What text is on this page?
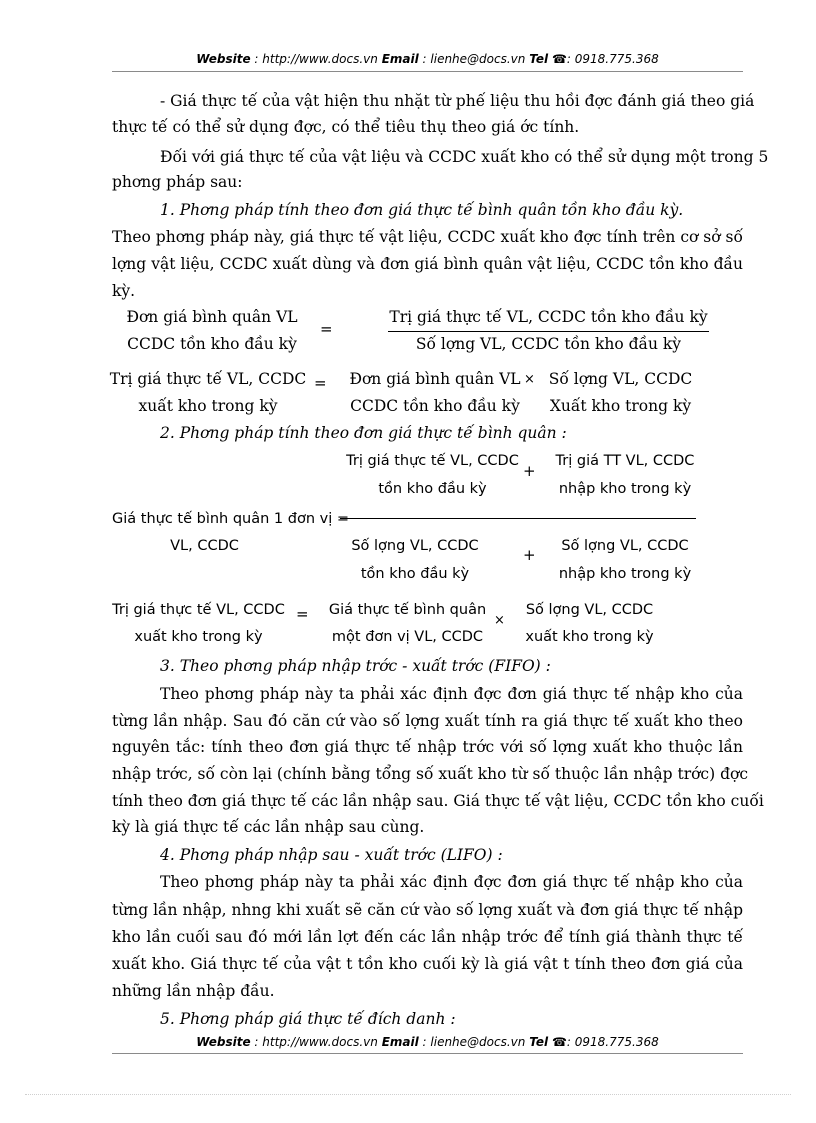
Website : http://www.docs.vn Email : lienhe@docs.vn Tel ☎: 0918.775.368
- Giá thực tế của vật hiện thu nhặt từ phế liệu thu hồi đợc đánh giá theo giá
thực tế có thể sử dụng đợc, có thể tiêu thụ theo giá ớc tính.
Đối với giá thực tế của vật liệu và CCDC xuất kho có thể sử dụng một trong 5
phơng pháp sau:
1. Phơng pháp tính theo đơn giá thực tế bình quân tồn kho đầu kỳ.
Theo phơng pháp này, giá thực tế vật liệu, CCDC xuất kho đợc tính trên cơ sở số
lợng vật liệu, CCDC xuất dùng và đơn giá bình quân vật liệu, CCDC tồn kho đầu
kỳ.
Đơn giá bình quân VL
CCDC tồn kho đầu kỳ
=
Trị giá thực tế VL, CCDC tồn kho đầu kỳ
Số lợng VL, CCDC tồn kho đầu kỳ
Trị giá thực tế VL, CCDC
xuất kho trong kỳ
=	Đơn giá bình quân VL
CCDC tồn kho đầu kỳ
× Số lợng VL, CCDC
Xuất kho trong kỳ
2. Phơng pháp tính theo đơn giá thực tế bình quân :
Trị giá thực tế VL, CCDC
tồn kho đầu kỳ
+
Trị giá TT VL, CCDC
nhập kho trong kỳ
Giá thực tế bình quân 1 đơn vị =
VL, CCDC	Số lợng VL, CCDC
tồn kho đầu kỳ
+	Số lợng VL, CCDC
nhập kho trong kỳ
Trị giá thực tế VL, CCDC
xuất kho trong kỳ
= Giá thực tế bình quân
một đơn vị VL, CCDC
×
Số lợng VL, CCDC
xuất kho trong kỳ
3. Theo phơng pháp nhập trớc - xuất trớc (FIFO) :
Theo phơng pháp này ta phải xác định đợc đơn giá thực tế nhập kho của
từng lần nhập. Sau đó căn cứ vào số lợng xuất tính ra giá thực tế xuất kho theo
nguyên tắc: tính theo đơn giá thực tế nhập trớc với số lợng xuất kho thuộc lần
nhập trớc, số còn lại (chính bằng tổng số xuất kho từ số thuộc lần nhập trớc) đợc
tính theo đơn giá thực tế các lần nhập sau. Giá thực tế vật liệu, CCDC tồn kho cuối
kỳ là giá thực tế các lần nhập sau cùng.
4. Phơng pháp nhập sau - xuất trớc (LIFO) :
Theo phơng pháp này ta phải xác định đợc đơn giá thực tế nhập kho của
từng lần nhập, nhng khi xuất sẽ căn cứ vào số lợng xuất và đơn giá thực tế nhập
kho lần cuối sau đó mới lần lợt đến các lần nhập trớc để tính giá thành thực tế
xuất kho. Giá thực tế của vật t tồn kho cuối kỳ là giá vật t tính theo đơn giá của
những lần nhập đầu.
5. Phơng pháp giá thực tế đích danh :
Website : http://www.docs.vn Email : lienhe@docs.vn Tel ☎: 0918.775.368
